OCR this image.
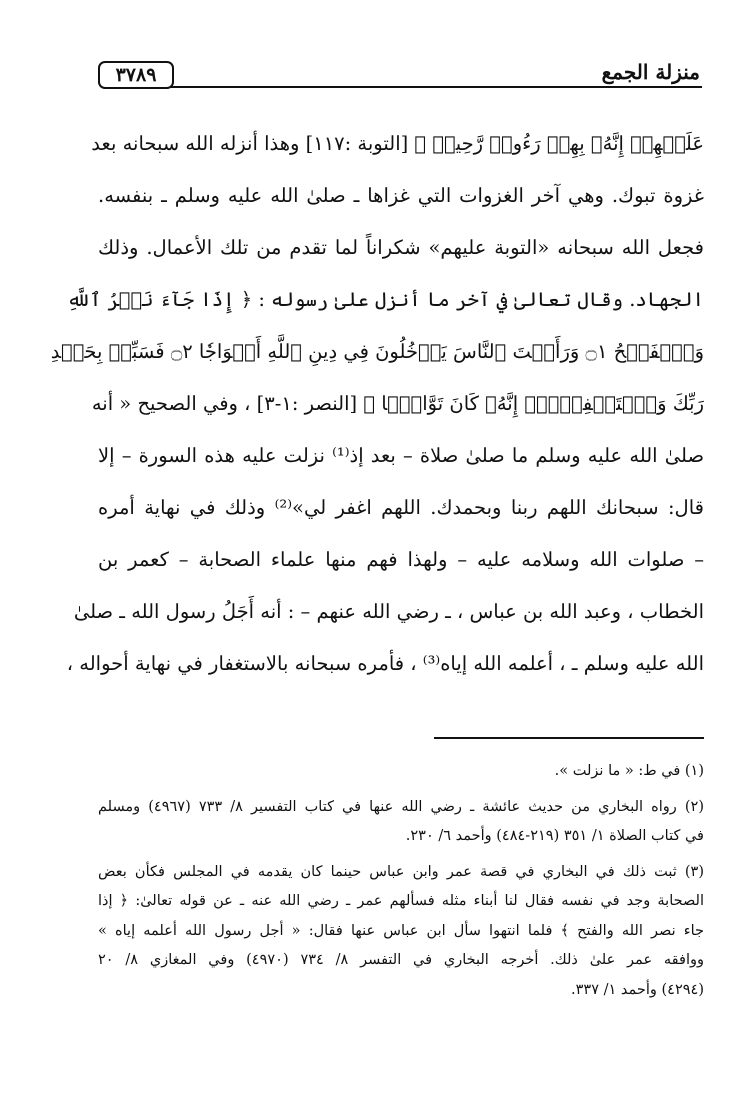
منزلة الجمع
٣٧٨٩
عَلَيۡهِمۡ إِنَّهُۥ بِهِمۡ رَءُوفٞ رَّحِيمٞ ﴾ [التوبة :١١٧] وهذا أنزله الله سبحانه بعد
غزوة تبوك. وهي آخر الغزوات التي غزاها ـ صلىٰ الله عليه وسلم ـ بنفسه.
فجعل الله سبحانه «التوبة عليهم» شكراناً لما تقدم من تلك الأعمال. وذلك
الجهاد. وقال تعالىٰ في آخر ما أنزل علىٰ رسوله : ﴿ إِذَا جَآءَ نَصۡرُ ٱللَّهِ
وَٱلۡفَتۡحُ ۝١ وَرَأَيۡتَ ٱلنَّاسَ يَدۡخُلُونَ فِي دِينِ ٱللَّهِ أَفۡوَاجٗا ۝٢ فَسَبِّحۡ بِحَمۡدِ
رَبِّكَ وَٱسۡتَغۡفِرۡهُۚ إِنَّهُۥ كَانَ تَوَّابَۢا ﴾ [النصر :١-٣] ، وفي الصحيح « أنه
صلىٰ الله عليه وسلم ما صلىٰ صلاة – بعد إذ⁽¹⁾ نزلت عليه هذه السورة – إلا
قال: سبحانك اللهم ربنا وبحمدك. اللهم اغفر لي»⁽²⁾ وذلك في نهاية أمره
– صلوات الله وسلامه عليه – ولهذا فهم منها علماء الصحابة – كعمر بن
الخطاب ، وعبد الله بن عباس ، ـ رضي الله عنهم – : أنه أَجَلُ رسول الله ـ صلىٰ
الله عليه وسلم ـ ، أعلمه الله إياه⁽³⁾ ، فأمره سبحانه بالاستغفار في نهاية أحواله ،
(١) في ط: « ما نزلت ».
(٢) رواه البخاري من حديث عائشة ـ رضي الله عنها في كتاب التفسير ٨/ ٧٣٣ (٤٩٦٧) ومسلم
في كتاب الصلاة ١/ ٣٥١ (٢١٩-٤٨٤) وأحمد ٦/ ٢٣٠.
(٣) ثبت ذلك في البخاري في قصة عمر وابن عباس حينما كان يقدمه في المجلس فكأن بعض
الصحابة وجد في نفسه فقال لنا أبناء مثله فسألهم عمر ـ رضي الله عنه ـ عن قوله تعالىٰ: ﴿ إذا
جاء نصر الله والفتح ﴾ فلما انتهوا سأل ابن عباس عنها فقال: « أجل رسول الله أعلمه إياه »
ووافقه عمر علىٰ ذلك. أخرجه البخاري في التفسر ٨/ ٧٣٤ (٤٩٧٠) وفي المغازي ٨/ ٢٠
(٤٢٩٤) وأحمد ١/ ٣٣٧.
